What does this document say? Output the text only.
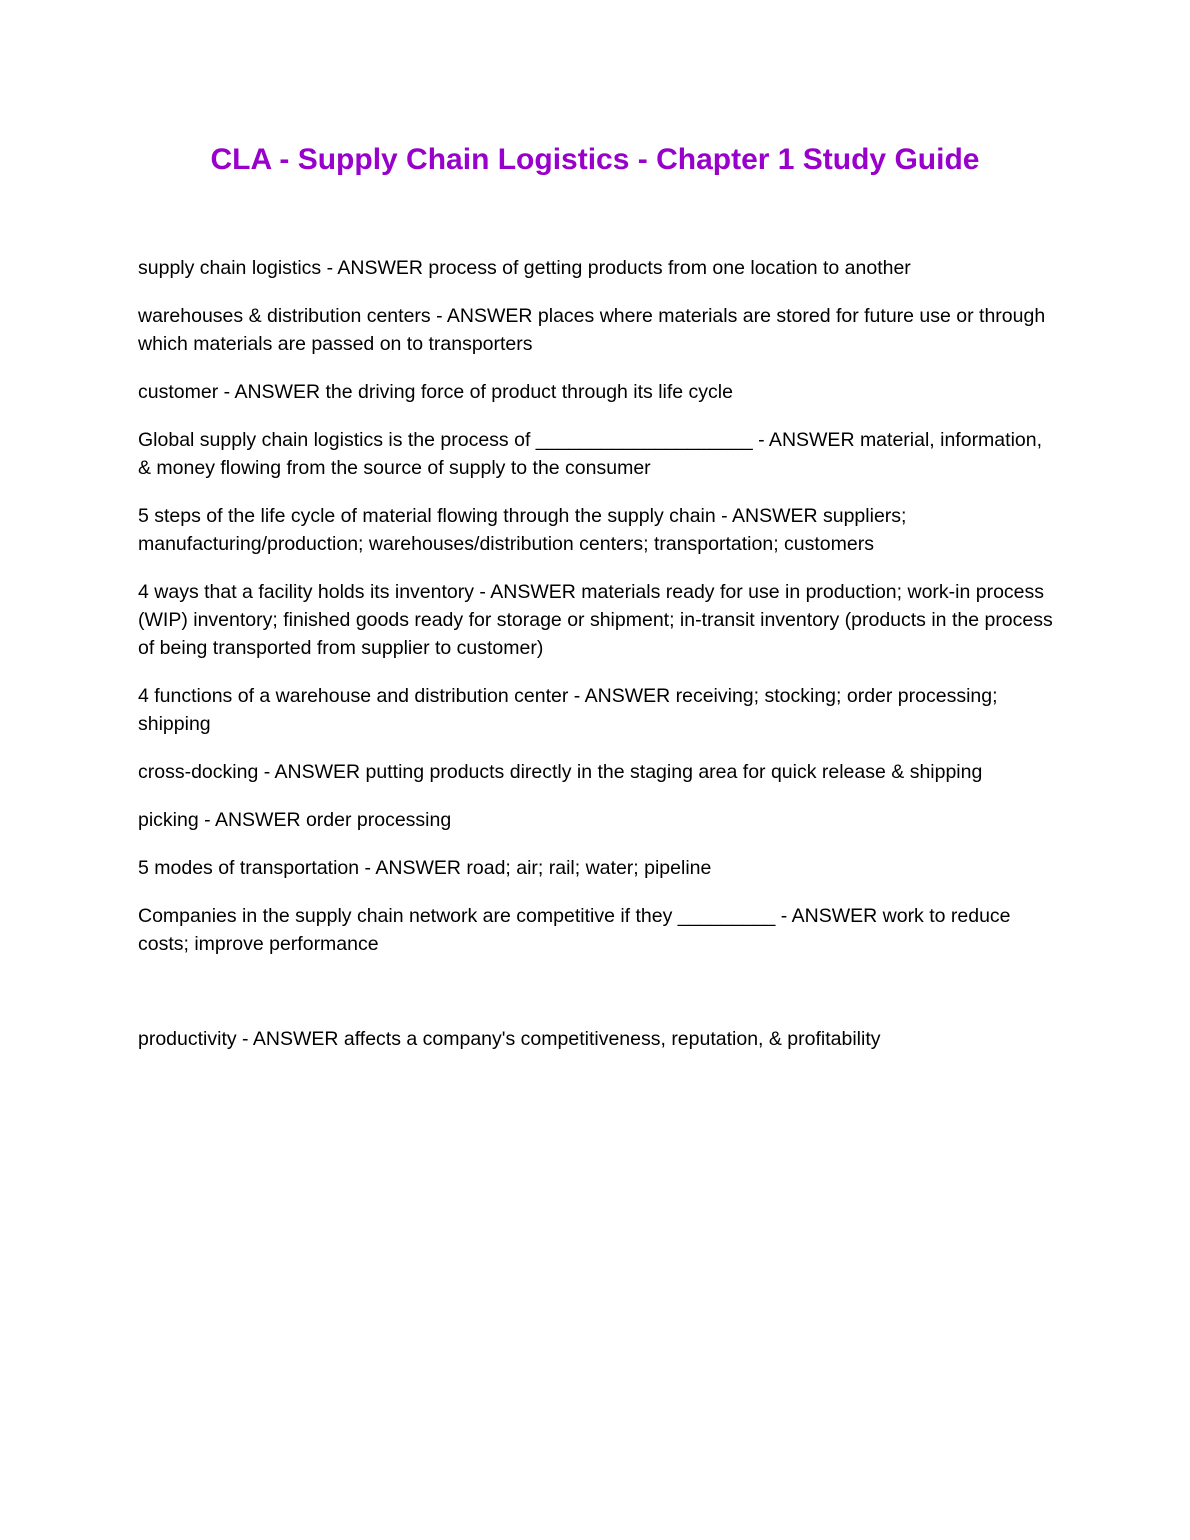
CLA - Supply Chain Logistics - Chapter 1 Study Guide
supply chain logistics - ANSWER process of getting products from one location to another
warehouses & distribution centers - ANSWER places where materials are stored for future use or through which materials are passed on to transporters
customer - ANSWER the driving force of product through its life cycle
Global supply chain logistics is the process of ____________________ - ANSWER material, information, & money flowing from the source of supply to the consumer
5 steps of the life cycle of material flowing through the supply chain - ANSWER suppliers; manufacturing/production; warehouses/distribution centers; transportation; customers
4 ways that a facility holds its inventory - ANSWER materials ready for use in production; work-in process (WIP) inventory; finished goods ready for storage or shipment; in-transit inventory (products in the process of being transported from supplier to customer)
4 functions of a warehouse and distribution center - ANSWER receiving; stocking; order processing; shipping
cross-docking - ANSWER putting products directly in the staging area for quick release & shipping
picking - ANSWER order processing
5 modes of transportation - ANSWER road; air; rail; water; pipeline
Companies in the supply chain network are competitive if they _________ - ANSWER work to reduce costs; improve performance
productivity - ANSWER affects a company's competitiveness, reputation, & profitability
